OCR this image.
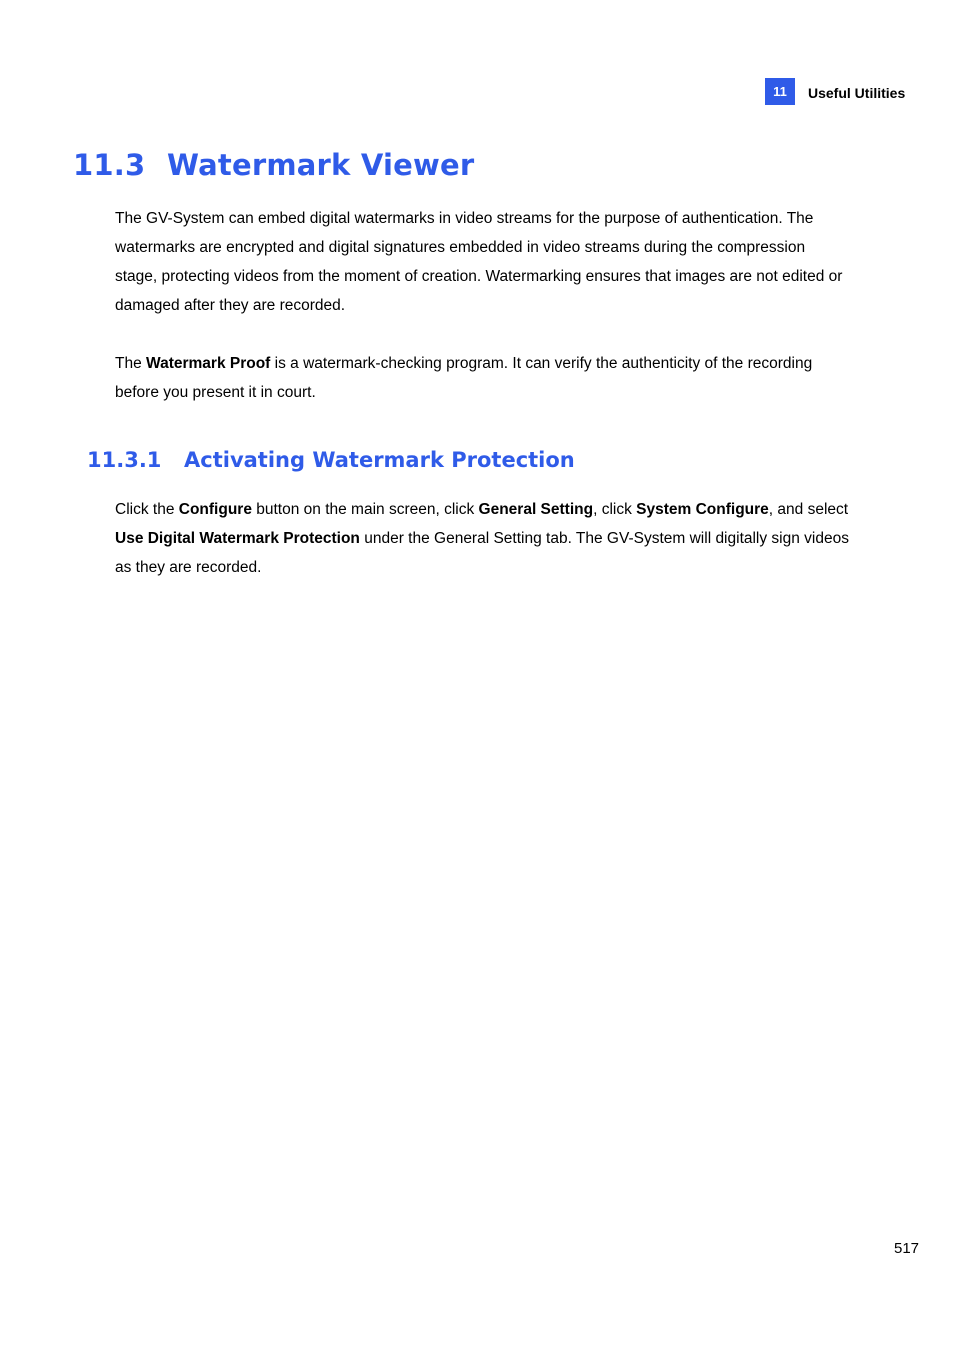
11	Useful Utilities
11.3 Watermark Viewer

The GV-System can embed digital watermarks in video streams for the purpose of authentication. The watermarks are encrypted and digital signatures embedded in video streams during the compression stage, protecting videos from the moment of creation. Watermarking ensures that images are not edited or damaged after they are recorded.

The Watermark Proof is a watermark-checking program. It can verify the authenticity of the recording before you present it in court.

11.3.1 Activating Watermark Protection

Click the Configure button on the main screen, click General Setting, click System Configure, and select Use Digital Watermark Protection under the General Setting tab. The GV-System will digitally sign videos as they are recorded.

517
